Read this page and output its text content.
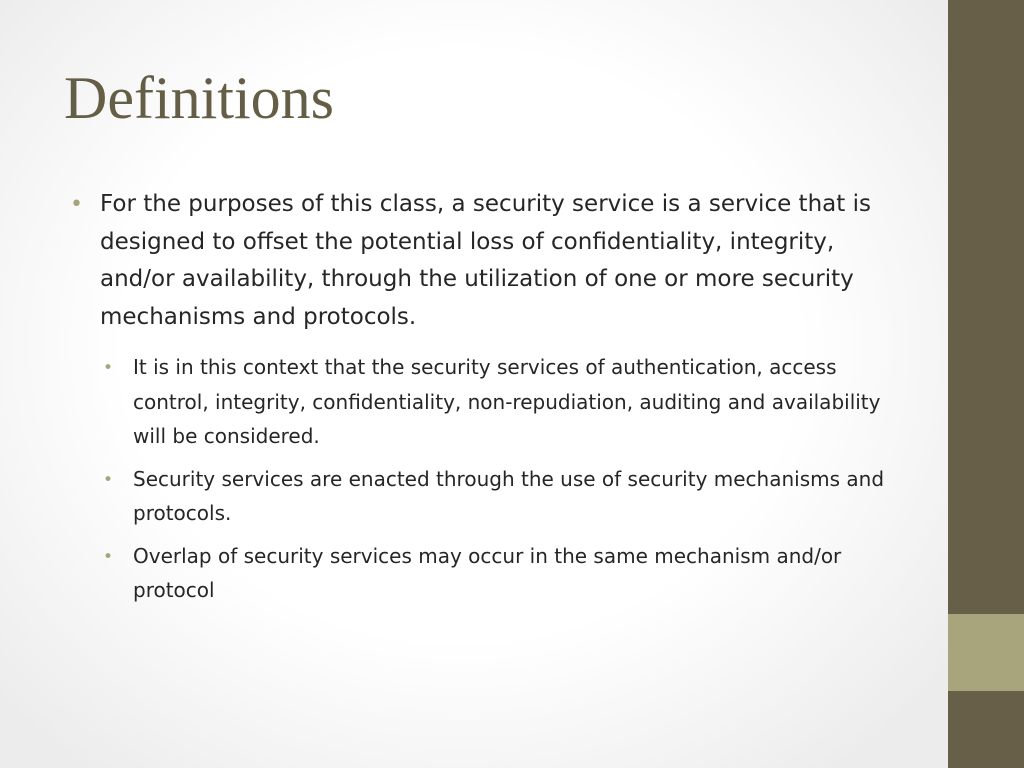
Definitions
• For the purposes of this class, a security service is a service that is designed to offset the potential loss of confidentiality, integrity, and/or availability, through the utilization of one or more security mechanisms and protocols.
• It is in this context that the security services of authentication, access control, integrity, confidentiality, non-repudiation, auditing and availability will be considered.
• Security services are enacted through the use of security mechanisms and protocols.
• Overlap of security services may occur in the same mechanism and/or protocol
